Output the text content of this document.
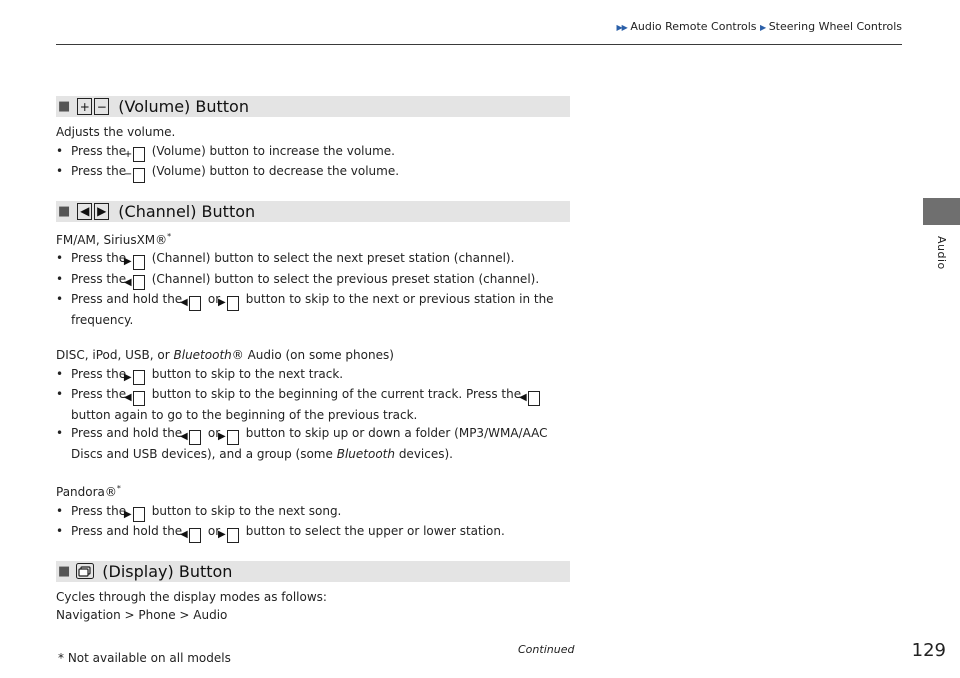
▶▶ Audio Remote Controls ▶ Steering Wheel Controls
Audio
■ + − (Volume) Button
Adjusts the volume.
• Press the + (Volume) button to increase the volume.
• Press the − (Volume) button to decrease the volume.
■ ◀ ▶ (Channel) Button
FM/AM, SiriusXM®*
• Press the ▶ (Channel) button to select the next preset station (channel).
• Press the ◀ (Channel) button to select the previous preset station (channel).
• Press and hold the ◀ or ▶ button to skip to the next or previous station in the frequency.
DISC, iPod, USB, or Bluetooth® Audio (on some phones)
• Press the ▶ button to skip to the next track.
• Press the ◀ button to skip to the beginning of the current track. Press the ◀ button again to go to the beginning of the previous track.
• Press and hold the ◀ or ▶ button to skip up or down a folder (MP3/WMA/AAC Discs and USB devices), and a group (some Bluetooth devices).
Pandora®*
• Press the ▶ button to skip to the next song.
• Press and hold the ◀ or ▶ button to select the upper or lower station.
■ (Display) Button
Cycles through the display modes as follows:
Navigation > Phone > Audio
Continued
* Not available on all models	129
